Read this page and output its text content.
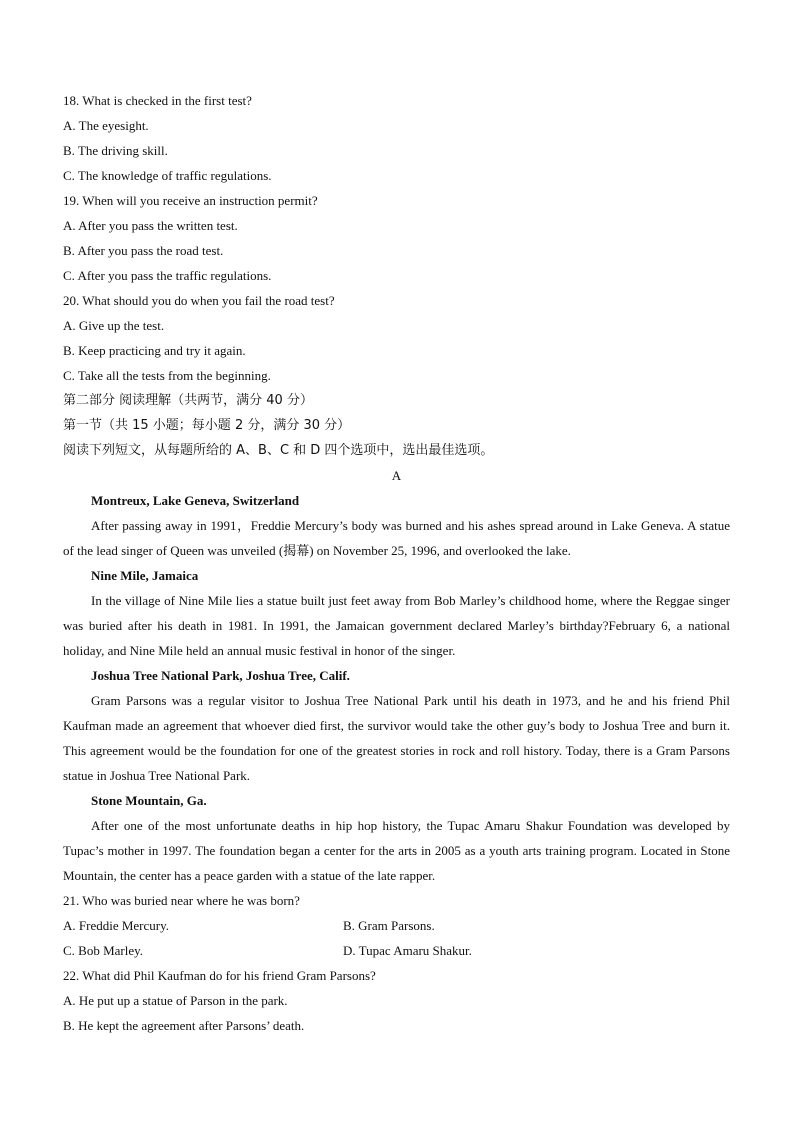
18. What is checked in the first test?
A. The eyesight.
B. The driving skill.
C. The knowledge of traffic regulations.
19. When will you receive an instruction permit?
A. After you pass the written test.
B. After you pass the road test.
C. After you pass the traffic regulations.
20. What should you do when you fail the road test?
A. Give up the test.
B. Keep practicing and try it again.
C. Take all the tests from the beginning.
第二部分 阅读理解（共两节，满分 40 分）
第一节（共 15 小题；每小题 2 分，满分 30 分）
阅读下列短文，从每题所给的 A、B、C 和 D 四个选项中，选出最佳选项。
A
Montreux, Lake Geneva, Switzerland
After passing away in 1991，Freddie Mercury’s body was burned and his ashes spread around in Lake Geneva. A statue of the lead singer of Queen was unveiled (揭幕) on November 25, 1996, and overlooked the lake.
Nine Mile, Jamaica
In the village of Nine Mile lies a statue built just feet away from Bob Marley’s childhood home, where the Reggae singer was buried after his death in 1981. In 1991, the Jamaican government declared Marley’s birthday?February 6, a national holiday, and Nine Mile held an annual music festival in honor of the singer.
Joshua Tree National Park, Joshua Tree, Calif.
Gram Parsons was a regular visitor to Joshua Tree National Park until his death in 1973, and he and his friend Phil Kaufman made an agreement that whoever died first, the survivor would take the other guy’s body to Joshua Tree and burn it. This agreement would be the foundation for one of the greatest stories in rock and roll history. Today, there is a Gram Parsons statue in Joshua Tree National Park.
Stone Mountain, Ga.
After one of the most unfortunate deaths in hip hop history, the Tupac Amaru Shakur Foundation was developed by Tupac’s mother in 1997. The foundation began a center for the arts in 2005 as a youth arts training program. Located in Stone Mountain, the center has a peace garden with a statue of the late rapper.
21. Who was buried near where he was born?
A. Freddie Mercury.	B. Gram Parsons.
C. Bob Marley.	D. Tupac Amaru Shakur.
22. What did Phil Kaufman do for his friend Gram Parsons?
A. He put up a statue of Parson in the park.
B. He kept the agreement after Parsons’ death.
